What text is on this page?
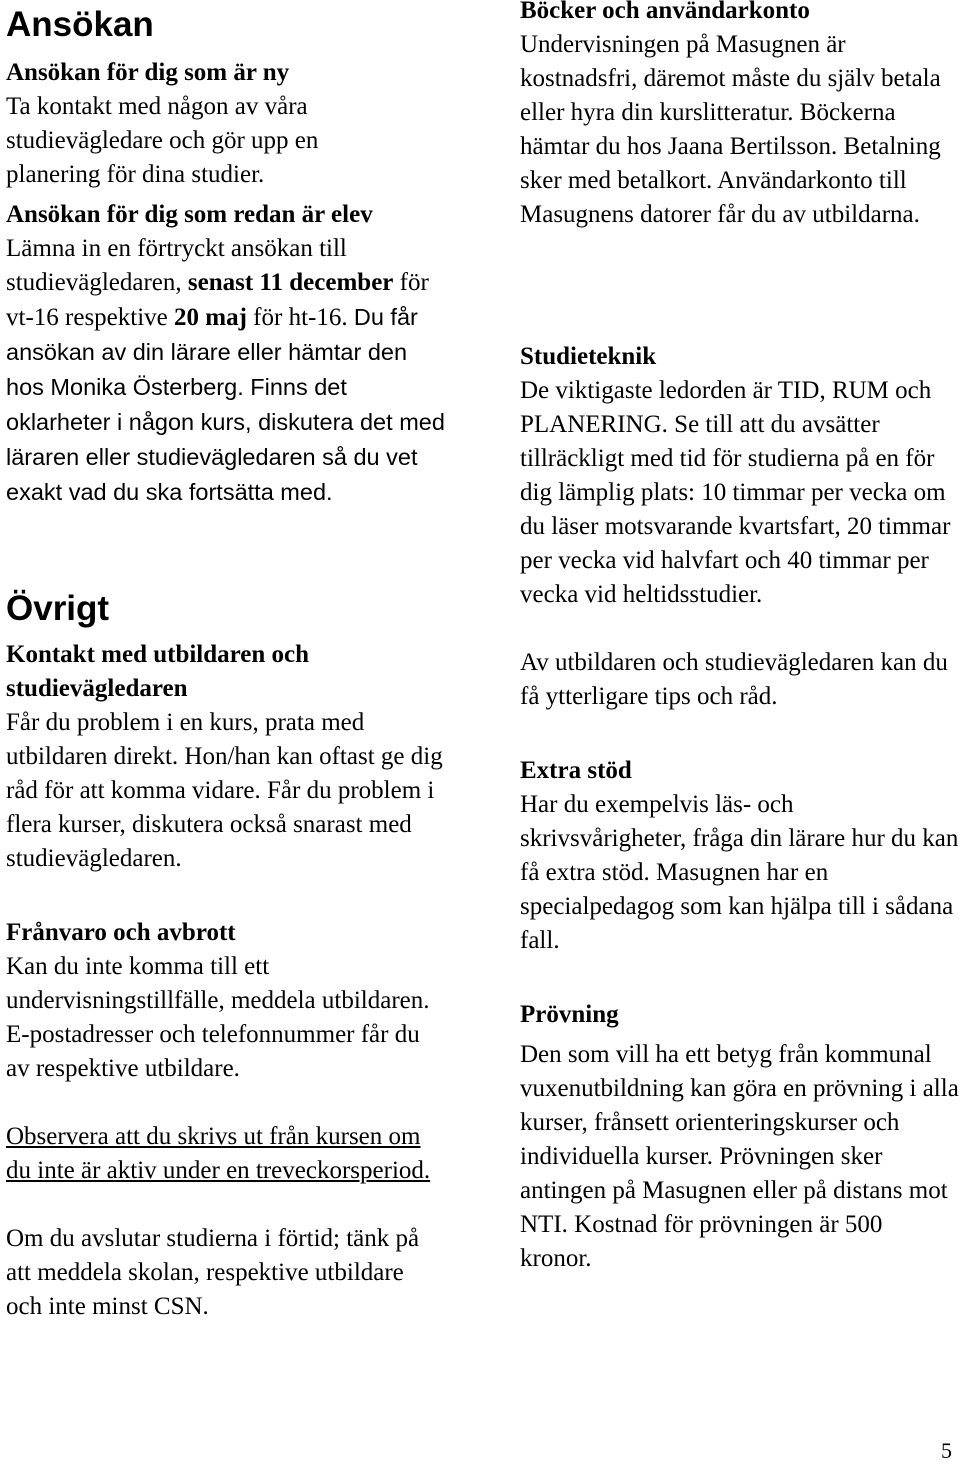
Ansökan
Ansökan för dig som är ny
Ta kontakt med någon av våra studievägledare och gör upp en planering för dina studier.
Ansökan för dig som redan är elev
Lämna in en förtryckt ansökan till studievägledaren, senast 11 december för vt-16 respektive 20 maj för ht-16. Du får ansökan av din lärare eller hämtar den hos Monika Österberg. Finns det oklarheter i någon kurs, diskutera det med läraren eller studievägledaren så du vet exakt vad du ska fortsätta med.
Övrigt
Kontakt med utbildaren och studievägledaren
Får du problem i en kurs, prata med utbildaren direkt. Hon/han kan oftast ge dig råd för att komma vidare. Får du problem i flera kurser, diskutera också snarast med studievägledaren.
Frånvaro och avbrott
Kan du inte komma till ett undervisningstillfälle, meddela utbildaren. E-postadresser och telefonnummer får du av respektive utbildare.
Observera att du skrivs ut från kursen om du inte är aktiv under en treveckorsperiod.
Om du avslutar studierna i förtid; tänk på att meddela skolan, respektive utbildare och inte minst CSN.
Böcker och användarkonto
Undervisningen på Masugnen är kostnadsfri, däremot måste du själv betala eller hyra din kurslitteratur. Böckerna hämtar du hos Jaana Bertilsson. Betalning sker med betalkort. Användarkonto till Masugnens datorer får du av utbildarna.
Studieteknik
De viktigaste ledorden är TID, RUM och PLANERING. Se till att du avsätter tillräckligt med tid för studierna på en för dig lämplig plats: 10 timmar per vecka om du läser motsvarande kvartsfart, 20 timmar per vecka vid halvfart och 40 timmar per vecka vid heltidsstudier.
Av utbildaren och studievägledaren kan du få ytterligare tips och råd.
Extra stöd
Har du exempelvis läs- och skrivsvårigheter, fråga din lärare hur du kan få extra stöd. Masugnen har en specialpedagog som kan hjälpa till i sådana fall.
Prövning
Den som vill ha ett betyg från kommunal vuxenutbildning kan göra en prövning i alla kurser, frånsett orienteringskurser och individuella kurser. Prövningen sker antingen på Masugnen eller på distans mot NTI. Kostnad för prövningen är 500 kronor.
5
